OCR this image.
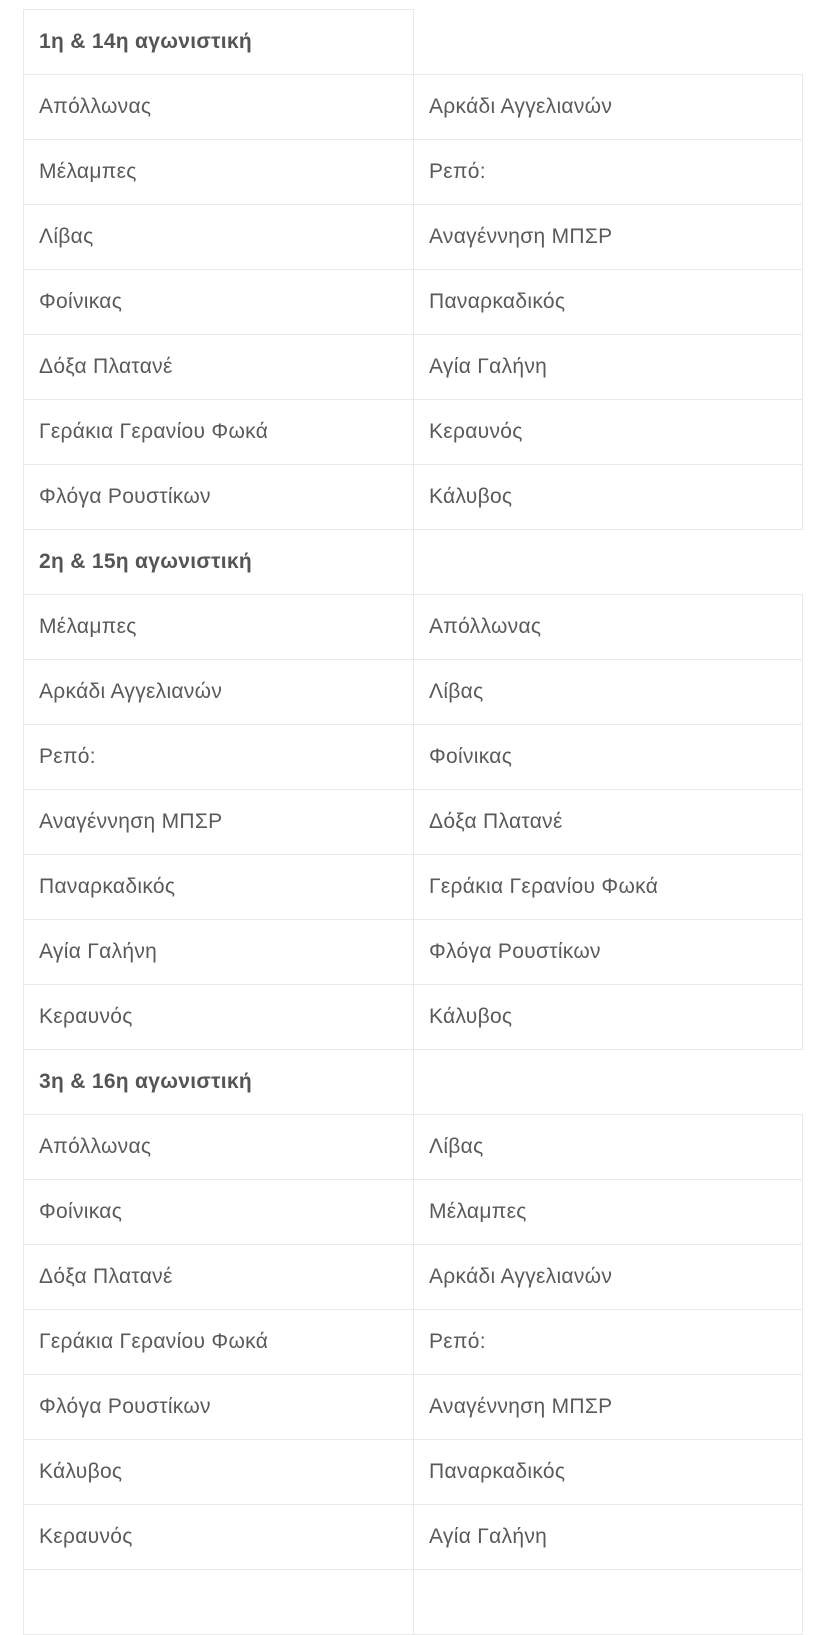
1η & 14η αγωνιστική	
Απόλλωνας	Αρκάδι Αγγελιανών
Μέλαμπες	Ρεπό:
Λίβας	Αναγέννηση ΜΠΣΡ
Φοίνικας	Παναρκαδικός
Δόξα Πλατανέ	Αγία Γαλήνη
Γεράκια Γερανίου Φωκά	Κεραυνός
Φλόγα Ρουστίκων	Κάλυβος
2η & 15η αγωνιστική	
Μέλαμπες	Απόλλωνας
Αρκάδι Αγγελιανών	Λίβας
Ρεπό:	Φοίνικας
Αναγέννηση ΜΠΣΡ	Δόξα Πλατανέ
Παναρκαδικός	Γεράκια Γερανίου Φωκά
Αγία Γαλήνη	Φλόγα Ρουστίκων
Κεραυνός	Κάλυβος
3η & 16η αγωνιστική	
Απόλλωνας	Λίβας
Φοίνικας	Μέλαμπες
Δόξα Πλατανέ	Αρκάδι Αγγελιανών
Γεράκια Γερανίου Φωκά	Ρεπό:
Φλόγα Ρουστίκων	Αναγέννηση ΜΠΣΡ
Κάλυβος	Παναρκαδικός
Κεραυνός	Αγία Γαλήνη
